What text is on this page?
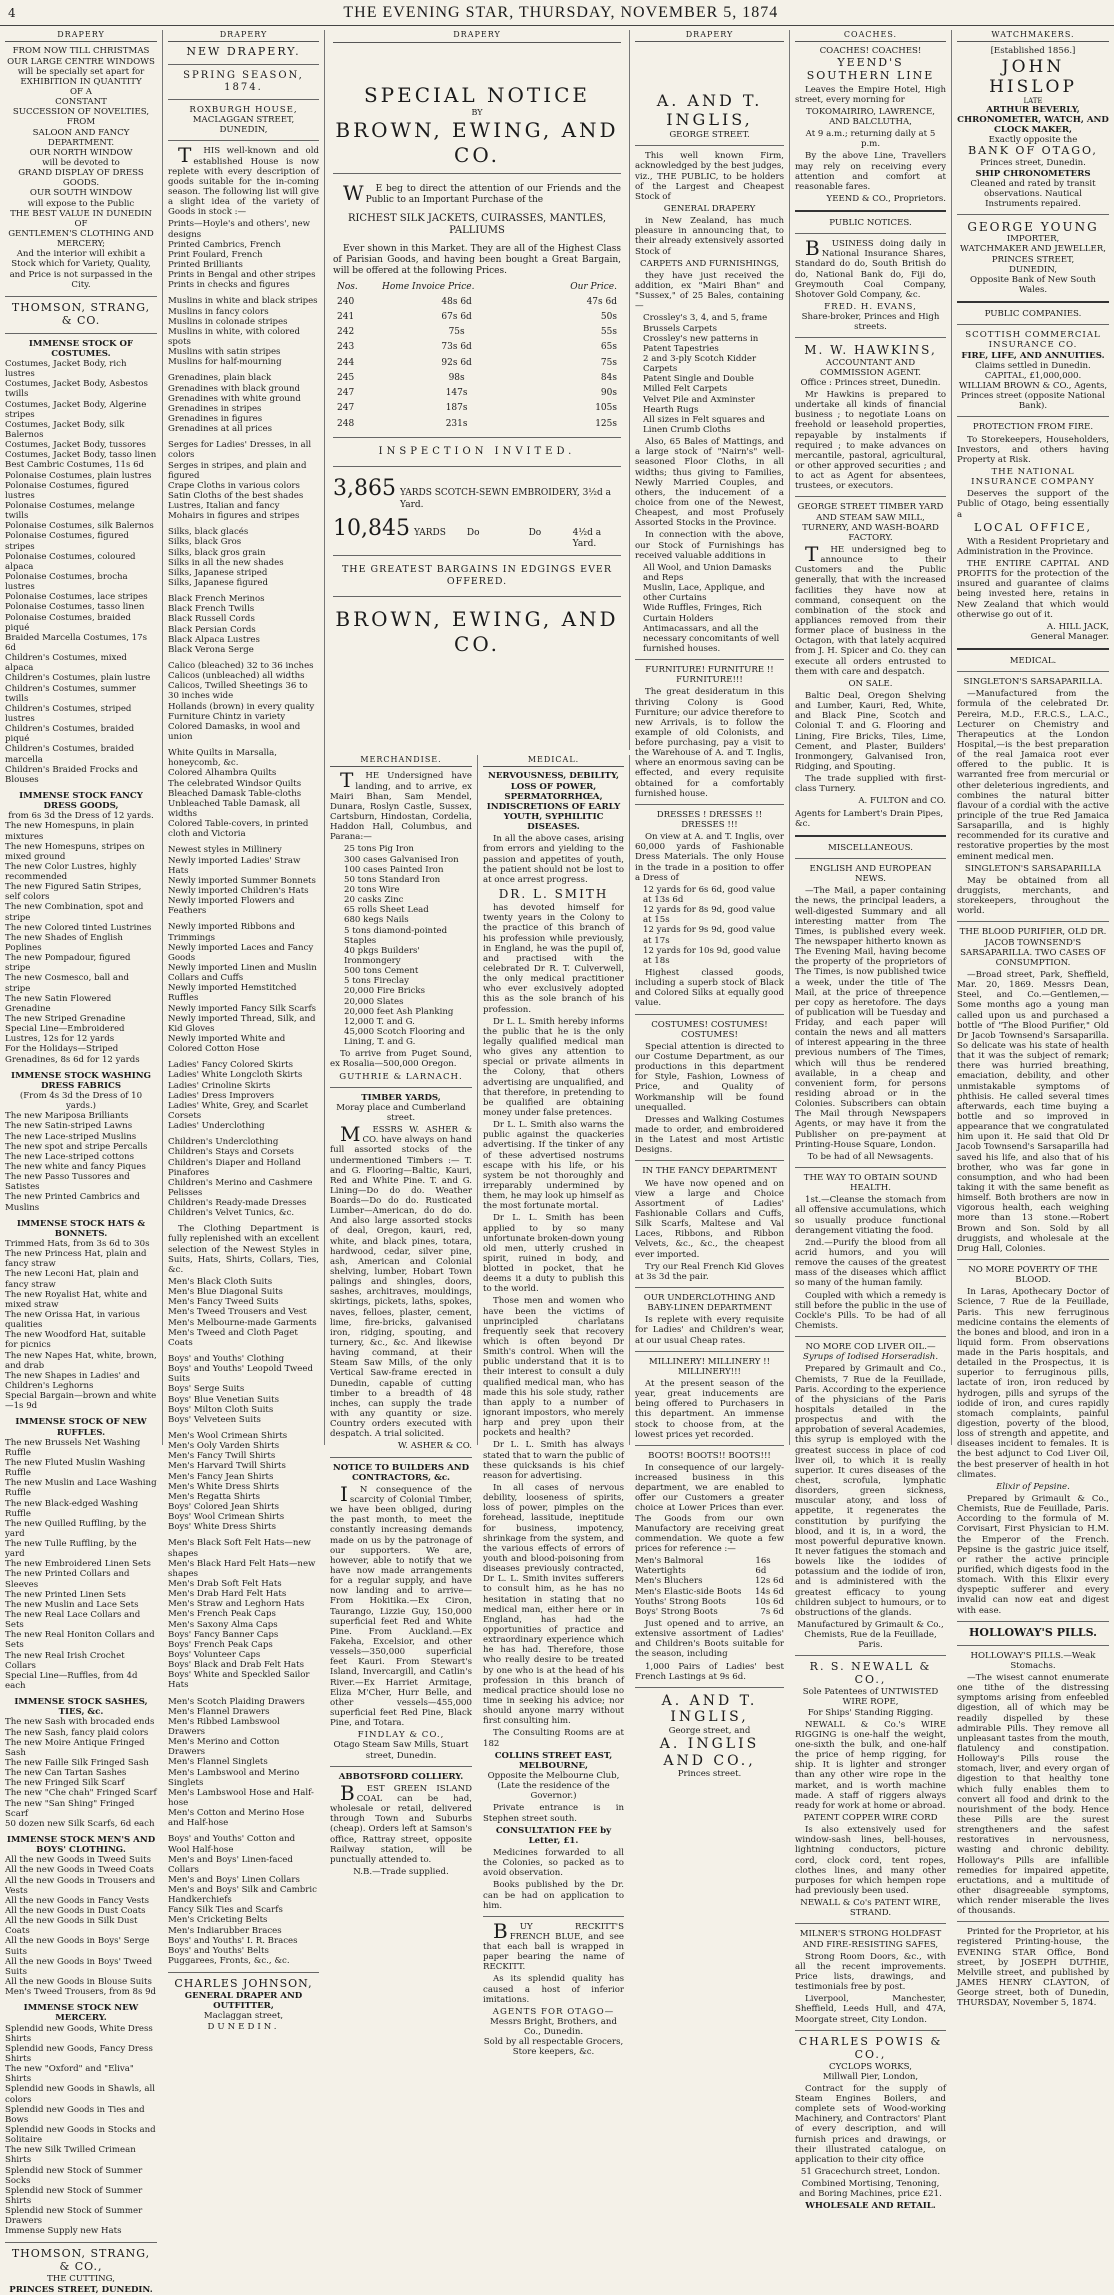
4	THE EVENING STAR, THURSDAY, NOVEMBER 5, 1874
DRAPERY
FROM NOW TILL CHRISTMAS
OUR LARGE CENTRE WINDOWS
will be specially set apart for
EXHIBITION IN QUANTITY
OF A
CONSTANT
SUCCESSION OF NOVELTIES,
FROM
SALOON AND FANCY DEPARTMENT.
OUR NORTH WINDOW
will be devoted to
GRAND DISPLAY OF DRESS GOODS.
OUR SOUTH WINDOW
will expose to the Public
THE BEST VALUE IN DUNEDIN
OF
GENTLEMEN'S CLOTHING AND MERCERY;
And the interior will exhibit a Stock which for Variety, Quality, and Price is not surpassed in the City.
THOMSON, STRANG, & CO.
IMMENSE STOCK OF COSTUMES.
Costumes, Jacket Body, rich lustres
Costumes, Jacket Body, Asbestos twills
Costumes, Jacket Body, Algerine stripes
Costumes, Jacket Body, silk Balernos
Costumes, Jacket Body, tussores
Costumes, Jacket Body, tasso linen
Best Cambric Costumes, 11s 6d
Polonaise Costumes, plain lustres
Polonaise Costumes, figured lustres
Polonaise Costumes, melange twills
Polonaise Costumes, silk Balernos
Polonaise Costumes, figured stripes
Polonaise Costumes, coloured alpaca
Polonaise Costumes, brocha lustres
Polonaise Costumes, lace stripes
Polonaise Costumes, tasso linen
Polonaise Costumes, braided piqué
Braided Marcella Costumes, 17s 6d
Children's Costumes, mixed alpaca
Children's Costumes, plain lustre
Children's Costumes, summer twills
Children's Costumes, striped lustres
Children's Costumes, braided piqué
Children's Costumes, braided marcella
Children's Braided Frocks and Blouses
IMMENSE STOCK FANCY DRESS GOODS,
from 6s 3d the Dress of 12 yards.
The new Homespuns, in plain mixtures
The new Homespuns, stripes on mixed ground
The new Color Lustres, highly recommended
The new Figured Satin Stripes, self colors
The new Combination, spot and stripe
The new Colored tinted Lustrines
The new Shades of English Poplines
The new Pompadour, figured stripe
The new Cosmesco, ball and stripe
The new Satin Flowered Grenadine
The new Striped Grenadine
Special Line—Embroidered Lustres, 12s for 12 yards
For the Holidays—Striped Grenadines, 8s 6d for 12 yards
IMMENSE STOCK WASHING DRESS FABRICS
(From 4s 3d the Dress of 10 yards.)
The new Mariposa Brilliants
The new Satin-striped Lawns
The new Lace-striped Muslins
The new spot and stripe Percalls
The new Lace-striped cottons
The new white and fancy Piques
The new Passo Tussores and Satistes
The new Printed Cambrics and Muslins
IMMENSE STOCK HATS & BONNETS.
Trimmed Hats, from 3s 6d to 30s
The new Princess Hat, plain and fancy straw
The new Leconi Hat, plain and fancy straw
The new Royalist Hat, white and mixed straw
The new Orissa Hat, in various qualities
The new Woodford Hat, suitable for picnics
The new Napes Hat, white, brown, and drab
The new Shapes in Ladies' and Children's Leghorns
Special Bargain—brown and white—1s 9d
IMMENSE STOCK OF NEW RUFFLES.
The new Brussels Net Washing Ruffle
The new Fluted Muslin Washing Ruffle
The new Muslin and Lace Washing Ruffle
The new Black-edged Washing Ruffle
The new Quilled Ruffling, by the yard
The new Tulle Ruffling, by the yard
The new Embroidered Linen Sets
The new Printed Collars and Sleeves
The new Printed Linen Sets
The new Muslin and Lace Sets
The new Real Lace Collars and Sets
The new Real Honiton Collars and Sets
The new Real Irish Crochet Collars
Special Line—Ruffles, from 4d each
IMMENSE STOCK SASHES, TIES, &c.
The new Sash with brocaded ends
The new Sash, fancy plaid colors
The new Moire Antique Fringed Sash
The new Faille Silk Fringed Sash
The new Can Tartan Sashes
The new Fringed Silk Scarf
The new "Che chah" Fringed Scarf
The new "San Shing" Fringed Scarf
50 dozen new Silk Scarfs, 6d each
IMMENSE STOCK MEN'S AND BOYS' CLOTHING.
All the new Goods in Tweed Suits
All the new Goods in Tweed Coats
All the new Goods in Trousers and Vests
All the new Goods in Fancy Vests
All the new Goods in Dust Coats
All the new Goods in Silk Dust Coats
All the new Goods in Boys' Serge Suits
All the new Goods in Boys' Tweed Suits
All the new Goods in Blouse Suits
Men's Tweed Trousers, from 8s 9d
IMMENSE STOCK NEW MERCERY.
Splendid new Goods, White Dress Shirts
Splendid new Goods, Fancy Dress Shirts
The new "Oxford" and "Eliva" Shirts
Splendid new Goods in Shawls, all colors
Splendid new Goods in Ties and Bows
Splendid new Goods in Stocks and Solitaire
The new Silk Twilled Crimean Shirts
Splendid new Stock of Summer Socks
Splendid new Stock of Summer Shirts
Splendid new Stock of Summer Drawers
Immense Supply new Hats
THOMSON, STRANG, & CO.,
THE CUTTING,
PRINCES STREET, DUNEDIN.
DRAPERY
NEW DRAPERY.
SPRING SEASON, 1874.
ROXBURGH HOUSE,
MACLAGGAN STREET, DUNEDIN,

THIS well-known and old established House is now replete with every description of goods suitable for the in-coming season. The following list will give a slight idea of the variety of Goods in stock :—

Prints—Hoyle's and others', new designs
Printed Cambrics, French
Print Foulard, French
Printed Brilliants
Prints in Bengal and other stripes
Prints in checks and figures
Muslins in white and black stripes
Muslins in fancy colors
Muslins in colonade stripes
Muslins in white, with colored spots
Muslins with satin stripes
Muslins for half-mourning
Grenadines, plain black
Grenadines with black ground
Grenadines with white ground
Grenadines in stripes
Grenadines in figures
Grenadines at all prices
Serges for Ladies' Dresses, in all colors
Serges in stripes, and plain and figured
Crape Cloths in various colors
Satin Cloths of the best shades
Lustres, Italian and fancy
Mohairs in figures and stripes
Silks, black glacés
Silks, black Gros
Silks, black gros grain
Silks in all the new shades
Silks, Japanese striped
Silks, Japanese figured
Black French Merinos
Black French Twills
Black Russell Cords
Black Persian Cords
Black Alpaca Lustres
Black Verona Serge
Calico (bleached) 32 to 36 inches
Calicos (unbleached) all widths
Calicos, Twilled Sheetings 36 to 30 inches wide
Hollands (brown) in every quality
Furniture Chintz in variety
Colored Damasks, in wool and union
White Quilts in Marsalla, honeycomb, &c.
Colored Alhambra Quilts
The celebrated Windsor Quilts
Bleached Damask Table-cloths
Unbleached Table Damask, all widths
Colored Table-covers, in printed cloth and Victoria
Newest styles in Millinery
Newly imported Ladies' Straw Hats
Newly imported Summer Bonnets
Newly imported Children's Hats
Newly imported Flowers and Feathers
Newly imported Ribbons and Trimmings
Newly imported Laces and Fancy Goods
Newly imported Linen and Muslin Collars and Cuffs
Newly imported Hemstitched Ruffles
Newly imported Fancy Silk Scarfs
Newly imported Thread, Silk, and Kid Gloves
Newly imported White and Colored Cotton Hose
Ladies' Fancy Colored Skirts
Ladies' White Longcloth Skirts
Ladies' Crinoline Skirts
Ladies' Dress Improvers
Ladies' White, Grey, and Scarlet Corsets
Ladies' Underclothing
Children's Underclothing
Children's Stays and Corsets
Children's Diaper and Holland Pinafores
Children's Merino and Cashmere Pelisses
Children's Ready-made Dresses
Children's Velvet Tunics, &c.

The Clothing Department is fully replenished with an excellent selection of the Newest Styles in Suits, Hats, Shirts, Collars, Ties, &c.

Men's Black Cloth Suits
Men's Blue Diagonal Suits
Men's Fancy Tweed Suits
Men's Tweed Trousers and Vest
Men's Melbourne-made Garments
Men's Tweed and Cloth Paget Coats
Boys' and Youths' Clothing
Boys' and Youths' Leopold Tweed Suits
Boys' Serge Suits
Boys' Blue Venetian Suits
Boys' Milton Cloth Suits
Boys' Velveteen Suits
Men's Wool Crimean Shirts
Men's Ooly Varden Shirts
Men's Fancy Twill Shirts
Men's Harvard Twill Shirts
Men's Fancy Jean Shirts
Men's White Dress Shirts
Men's Regatta Shirts
Boys' Colored Jean Shirts
Boys' Wool Crimean Shirts
Boys' White Dress Shirts
Men's Black Soft Felt Hats—new shapes
Men's Black Hard Felt Hats—new shapes
Men's Drab Soft Felt Hats
Men's Drab Hard Felt Hats
Men's Straw and Leghorn Hats
Men's French Peak Caps
Men's Saxony Alma Caps
Boys' Fancy Banner Caps
Boys' French Peak Caps
Boys' Volunteer Caps
Boys' Black and Drab Felt Hats
Boys' White and Speckled Sailor Hats
Men's Scotch Plaiding Drawers
Men's Flannel Drawers
Men's Ribbed Lambswool Drawers
Men's Merino and Cotton Drawers
Men's Flannel Singlets
Men's Lambswool and Merino Singlets
Men's Lambswool Hose and Half-hose
Men's Cotton and Merino Hose and Half-hose
Boys' and Youths' Cotton and Wool Half-hose
Men's and Boys' Linen-faced Collars
Men's and Boys' Linen Collars
Men's and Boys' Silk and Cambric Handkerchiefs
Fancy Silk Ties and Scarfs
Men's Cricketing Belts
Men's Indiarubber Braces
Boys' and Youths' I. R. Braces
Boys' and Youths' Belts
Puggarees, Fronts, &c., &c.
CHARLES JOHNSON,
GENERAL DRAPER AND OUTFITTER,
Maclaggan street,
DUNEDIN.
DRAPERY
SPECIAL NOTICE
BY
BROWN, EWING, AND CO.

WE beg to direct the attention of our Friends and the Public to an Important Purchase of the

RICHEST SILK JACKETS, CUIRASSES, MANTLES, PALLIUMS

Ever shown in this Market. They are all of the Highest Class of Parisian Goods, and having been bought a Great Bargain, will be offered at the following Prices.

Nos.	Home Invoice Price.	Our Price.
240	48s 6d	47s 6d
241	67s 6d	50s
242	75s	55s
243	73s 6d	65s
244	92s 6d	75s
245	98s	84s
247	147s	90s
247	187s	105s
248	231s	125s
INSPECTION INVITED.
3,865 YARDS SCOTCH-SEWN EMBROIDERY, 3½d a Yard.
10,845 YARDS	Do	Do	4½d a Yard.
THE GREATEST BARGAINS IN EDGINGS EVER OFFERED.
BROWN, EWING, AND CO.
MERCHANDISE.

THE Undersigned have landing, and to arrive, ex Mairi Bhan, Sam Mendel, Dunara, Roslyn Castle, Sussex, Cartsburn, Hindostan, Cordelia, Haddon Hall, Columbus, and Parana:—

25 tons Pig Iron
300 cases Galvanised Iron
100 cases Painted Iron
50 tons Standard Iron
20 tons Wire
20 casks Zinc
65 rolls Sheet Lead
680 kegs Nails
5 tons diamond-pointed Staples
40 pkgs Builders' Ironmongery
500 tons Cement
5 tons Fireclay
20,000 Fire Bricks
20,000 Slates
20,000 feet Ash Planking
12,000 T. and G.
45,000 Scotch Flooring and Lining, T. and G.

To arrive from Puget Sound, ex Rosalia—500,000 Oregon.

GUTHRIE & LARNACH.
TIMBER YARDS,
Moray place and Cumberland street.

MESSRS W. ASHER & CO. have always on hand full assorted stocks of the undermentioned Timbers :— T. and G. Flooring—Baltic, Kauri, Red and White Pine. T. and G. Lining—Do do do. Weather Boards—Do do do. Rusticated Lumber—American, do do do. And also large assorted stocks of deal, Oregon, kauri, red, white, and black pines, totara, hardwood, cedar, silver pine, ash, American and Colonial shelving, lumber, Hobart Town palings and shingles, doors, sashes, architraves, mouldings, skirtings, pickets, laths, spokes, naves, felloes, plaster, cement, lime, fire-bricks, galvanised iron, ridging, spouting, and turnery, &c., &c. And likewise having command, at their Steam Saw Mills, of the only Vertical Saw-frame erected in Dunedin, capable of cutting timber to a breadth of 48 inches, can supply the trade with any quantity or size. Country orders executed with despatch. A trial solicited.

W. ASHER & CO.
NOTICE TO BUILDERS AND CONTRACTORS, &c.

IN consequence of the scarcity of Colonial Timber, we have been obliged, during the past month, to meet the constantly increasing demands made on us by the patronage of our supporters. We are, however, able to notify that we have now made arrangements for a regular supply, and have now landing and to arrive— From Hokitika.—Ex Ciron, Taurango, Lizzie Guy, 150,000 superficial feet Red and White Pine. From Auckland.—Ex Fakeha, Excelsior, and other vessels—350,000 superficial feet Kauri. From Stewart's Island, Invercargill, and Catlin's River.—Ex Harriet Armitage, Eliza M'Cher, Hurr Belle, and other vessels—455,000 superficial feet Red Pine, Black Pine, and Totara.

FINDLAY & CO.,
Otago Steam Saw Mills, Stuart street, Dunedin.
ABBOTSFORD COLLIERY.

BEST GREEN ISLAND COAL can be had, wholesale or retail, delivered through Town and Suburbs (cheap). Orders left at Samson's office, Rattray street, opposite Railway station, will be punctually attended to.

N.B.—Trade supplied.
MEDICAL.
NERVOUSNESS, DEBILITY, LOSS OF POWER, SPERMATORRHŒA, INDISCRETIONS OF EARLY YOUTH, SYPHILITIC DISEASES.

In all the above cases, arising from errors and yielding to the passion and appetites of youth, the patient should not be lost to at once arrest progress.

DR. L. SMITH

has devoted himself for twenty years in the Colony to the practice of this branch of his profession while previously, in England, he was the pupil of, and practised with the celebrated Dr R. T. Culverwell, the only medical practitioner who ever exclusively adopted this as the sole branch of his profession.

Dr L. L. Smith hereby informs the public that he is the only legally qualified medical man who gives any attention to special or private ailments in the Colony, that others advertising are unqualified, and that therefore, in pretending to be qualified are obtaining money under false pretences.

Dr L. L. Smith also warns the public against the quackeries advertising. If the tinker of any of these advertised nostrums escape with his life, or his system be not thoroughly and irreparably undermined by them, he may look up himself as the most fortunate mortal.

Dr L. L. Smith has been applied to by so many unfortunate broken-down young old men, utterly crushed in spirit, ruined in body, and blotted in pocket, that he deems it a duty to publish this to the world.

Those men and women who have been the victims of unprincipled charlatans frequently seek that recovery which is often beyond Dr Smith's control. When will the public understand that it is to their interest to consult a duly qualified medical man, who has made this his sole study, rather than apply to a number of ignorant impostors, who merely harp and prey upon their pockets and health?

Dr L. L. Smith has always stated that to warn the public of these quicksands is his chief reason for advertising.

In all cases of nervous debility, looseness of spirits, loss of power, pimples on the forehead, lassitude, ineptitude for business, impotency, shrinkage from the system, and the various effects of errors of youth and blood-poisoning from diseases previously contracted, Dr L. L. Smith invites sufferers to consult him, as he has no hesitation in stating that no medical man, either here or in England, has had the opportunities of practice and extraordinary experience which he has had. Therefore, those who really desire to be treated by one who is at the head of his profession in this branch of medical practice should lose no time in seeking his advice; nor should anyone marry without first consulting him.

The Consulting Rooms are at 182

COLLINS STREET EAST, MELBOURNE,
Opposite the Melbourne Club, (Late the residence of the Governor.)

Private entrance is in Stephen street south.

CONSULTATION FEE by Letter, £1.

Medicines forwarded to all the Colonies, so packed as to avoid observation.

Books published by the Dr. can be had on application to him.

BUY RECKITT'S FRENCH BLUE, and see that each ball is wrapped in paper bearing the name of RECKITT.

As its splendid quality has caused a host of inferior imitations.

AGENTS FOR OTAGO—
Messrs Bright, Brothers, and Co., Dunedin.
Sold by all respectable Grocers, Store keepers, &c.
DRAPERY
A. AND T. INGLIS,
GEORGE STREET.

This well known Firm, acknowledged by the best judges, viz., THE PUBLIC, to be holders of the Largest and Cheapest Stock of

GENERAL DRAPERY

in New Zealand, has much pleasure in announcing that, to their already extensively assorted Stock of

CARPETS AND FURNISHINGS,

they have just received the addition, ex "Mairi Bhan" and "Sussex," of 25 Bales, containing—

Crossley's 3, 4, and 5, frame Brussels Carpets
Crossley's new patterns in Patent Tapestries
2 and 3-ply Scotch Kidder Carpets
Patent Single and Double Milled Felt Carpets
Velvet Pile and Axminster Hearth Rugs
All sizes in Felt squares and Linen Crumb Cloths

Also, 65 Bales of Mattings, and a large stock of "Nairn's" well-seasoned Floor Cloths, in all widths; thus giving to Families, Newly Married Couples, and others, the inducement of a choice from one of the Newest, Cheapest, and most Profusely Assorted Stocks in the Province.

In connection with the above, our Stock of Furnishings has received valuable additions in

All Wool, and Union Damasks and Reps
Muslin, Lace, Applique, and other Curtains
Wide Ruffles, Fringes, Rich Curtain Holders
Antimacassars, and all the necessary concomitants of well furnished houses.
FURNITURE! FURNITURE !! FURNITURE!!!

The great desideratum in this thriving Colony is Good Furniture; our advice therefore to new Arrivals, is to follow the example of old Colonists, and before purchasing, pay a visit to the Warehouse of A. and T. Inglis, where an enormous saving can be effected, and every requisite obtained for a comfortably furnished house.

DRESSES ! DRESSES !! DRESSES !!!

On view at A. and T. Inglis, over 60,000 yards of Fashionable Dress Materials. The only House in the trade in a position to offer a Dress of

12 yards for 6s 6d, good value at 13s 6d
12 yards for 8s 9d, good value at 15s
12 yards for 9s 9d, good value at 17s
12 yards for 10s 9d, good value at 18s

Highest classed goods, including a superb stock of Black and Colored Silks at equally good value.

COSTUMES! COSTUMES! COSTUMES!

Special attention is directed to our Costume Department, as our productions in this department for Style, Fashion, Lowness of Price, and Quality of Workmanship will be found unequalled.

Dresses and Walking Costumes made to order, and embroidered in the Latest and most Artistic Designs.

IN THE FANCY DEPARTMENT

We have now opened and on view a large and Choice Assortment of Ladies' Fashionable Collars and Cuffs, Silk Scarfs, Maltese and Val Laces, Ribbons, and Ribbon Velvets, &c., &c., the cheapest ever imported.

Try our Real French Kid Gloves at 3s 3d the pair.

OUR UNDERCLOTHING AND BABY-LINEN DEPARTMENT

Is replete with every requisite for Ladies' and Children's wear, at our usual Cheap rates.

MILLINERY! MILLINERY !! MILLINERY!!!

At the present season of the year, great inducements are being offered to Purchasers in this department. An immense stock to choose from, at the lowest prices yet recorded.

BOOTS! BOOTS!! BOOTS!!!

In consequence of our largely-increased business in this department, we are enabled to offer our Customers a greater choice at Lower Prices than ever. The Goods from our own Manufactory are receiving great commendation. We quote a few prices for reference :—

Men's Balmoral Watertights
16s 6d
Men's Bluchers	12s 6d
Men's Elastic-side Boots 14s 6d
Youths' Strong Boots	10s 6d
Boys' Strong Boots	7s 6d

Just opened and to arrive, an extensive assortment of Ladies' and Children's Boots suitable for the season, including

1,000 Pairs of Ladies' best French Lastings at 9s 6d.

A. AND T. INGLIS,
George street, and
A. INGLIS AND CO.,
Princes street.
COACHES.
COACHES! COACHES!
YEEND'S SOUTHERN LINE

Leaves the Empire Hotel, High street, every morning for

TOKOMAIRIRO, LAWRENCE, AND BALCLUTHA,

At 9 a.m.; returning daily at 5 p.m.

By the above Line, Travellers may rely on receiving every attention and comfort at reasonable fares.

YEEND & CO., Proprietors.
PUBLIC NOTICES.

BUSINESS doing daily in National Insurance Shares, Standard do do, South British do do, National Bank do, Fiji do, Greymouth Coal Company, Shotover Gold Company, &c.

FRED. H. EVANS,
Share-broker, Princes and High streets.
M. W. HAWKINS,
ACCOUNTANT AND COMMISSION AGENT.
Office : Princes street, Dunedin.

Mr Hawkins is prepared to undertake all kinds of financial business ; to negotiate Loans on freehold or leasehold properties, repayable by instalments if required ; to make advances on mercantile, pastoral, agricultural, or other approved securities ; and to act as Agent for absentees, trustees, or executors.

GEORGE STREET TIMBER YARD AND STEAM SAW MILL, TURNERY, AND WASH-BOARD FACTORY.

THE undersigned beg to announce to their Customers and the Public generally, that with the increased facilities they have now at command, consequent on the combination of the stock and appliances removed from their former place of business in the Octagon, with that lately acquired from J. H. Spicer and Co. they can execute all orders entrusted to them with care and despatch.

ON SALE.

Baltic Deal, Oregon Shelving and Lumber, Kauri, Red, White, and Black Pine, Scotch and Colonial T. and G. Flooring and Lining, Fire Bricks, Tiles, Lime, Cement, and Plaster, Builders' Ironmongery, Galvanised Iron, Ridging, and Spouting.

The trade supplied with first-class Turnery.

A. FULTON and CO.

Agents for Lambert's Drain Pipes, &c.

MISCELLANEOUS.
ENGLISH AND EUROPEAN NEWS.

—The Mail, a paper containing the news, the principal leaders, a well-digested Summary and all interesting matter from The Times, is published every week. The newspaper hitherto known as The Evening Mail, having become the property of the proprietors of The Times, is now published twice a week, under the title of The Mail, at the price of threepence per copy as heretofore. The days of publication will be Tuesday and Friday, and each paper will contain the news and all matters of interest appearing in the three previous numbers of The Times, which will thus be rendered available, in a cheap and convenient form, for persons residing abroad or in the Colonies. Subscribers can obtain The Mail through Newspapers Agents, or may have it from the Publisher on pre-payment at Printing-House Square, London.

To be had of all Newsagents.

THE WAY TO OBTAIN SOUND HEALTH.

1st.—Cleanse the stomach from all offensive accumulations, which so usually produce functional derangement vitiating the food.

2nd.—Purify the blood from all acrid humors, and you will remove the causes of the greatest mass of the diseases which afflict so many of the human family.

Coupled with which a remedy is still before the public in the use of Cockle's Pills. To be had of all Chemists.

NO MORE COD LIVER OIL.—
Syrups of Iodised Horseradish.

Prepared by Grimault and Co., Chemists, 7 Rue de la Feuillade, Paris. According to the experience of the physicians of the Paris hospitals detailed in the prospectus and with the approbation of several Academies, this syrup is employed with the greatest success in place of cod liver oil, to which it is really superior. It cures diseases of the chest, scrofula, lymphatic disorders, green sickness, muscular atony, and loss of appetite, it regenerates the constitution by purifying the blood, and it is, in a word, the most powerful depurative known. It never fatigues the stomach and bowels like the iodides of potassium and the iodide of iron, and is administered with the greatest efficacy to young children subject to humours, or to obstructions of the glands.

Manufactured by Grimault & Co., Chemists, Rue de la Feuillade, Paris.

R. S. NEWALL & CO.,
Sole Patentees of UNTWISTED WIRE ROPE,
For Ships' Standing Rigging.

NEWALL & Co.'s WIRE RIGGING is one-half the weight, one-sixth the bulk, and one-half the price of hemp rigging, for ship. It is lighter and stronger than any other wire rope in the market, and is worth machine made. A staff of riggers always ready for work at home or abroad.

PATENT COPPER WIRE CORD

Is also extensively used for window-sash lines, bell-houses, lightning conductors, picture cord, clock cord, tent ropes, clothes lines, and many other purposes for which hempen rope had previously been used.

NEWALL & Co's PATENT WIRE, STRAND.
MILNER'S STRONG HOLDFAST AND FIRE-RESISTING SAFES,

Strong Room Doors, &c., with all the recent improvements. Price lists, drawings, and testimonials free by post.

Liverpool, Manchester, Sheffield, Leeds Hull, and 47A, Moorgate street, City London.

CHARLES POWIS & CO.,
CYCLOPS WORKS,
Millwall Pier, London,

Contract for the supply of Steam Engines Boilers, and complete sets of Wood-working Machinery, and Contractors' Plant of every description, and will furnish prices and drawings, or their illustrated catalogue, on application to their city office

51 Gracechurch street, London.

Combined Mortising, Tenoning, and Boring Machines, price £21.

WHOLESALE AND RETAIL.

WATCHMAKERS.
[Established 1856.]
JOHN HISLOP
LATE
ARTHUR BEVERLY,
CHRONOMETER, WATCH, AND CLOCK MAKER,
Exactly opposite the
BANK OF OTAGO,
Princes street, Dunedin.
SHIP CHRONOMETERS
Cleaned and rated by transit observations. Nautical Instruments repaired.
GEORGE YOUNG
IMPORTER,
WATCHMAKER AND JEWELLER,
PRINCES STREET,
DUNEDIN,
Opposite Bank of New South Wales.
PUBLIC COMPANIES.
SCOTTISH COMMERCIAL INSURANCE CO.
FIRE, LIFE, AND ANNUITIES.
Claims settled in Dunedin.
CAPITAL, £1,000,000.
WILLIAM BROWN & CO., Agents,
Princes street (opposite National Bank).
PROTECTION FROM FIRE.

To Storekeepers, Householders, Investors, and others having Property at Risk.

THE NATIONAL INSURANCE COMPANY

Deserves the support of the Public of Otago, being essentially a

LOCAL OFFICE,

With a Resident Proprietary and Administration in the Province.

THE ENTIRE CAPITAL AND PROFITS for the protection of the insured and guarantee of claims being invested here, retains in New Zealand that which would otherwise go out of it.

A. HILL JACK,
General Manager.
MEDICAL.
SINGLETON'S SARSAPARILLA.

—Manufactured from the formula of the celebrated Dr. Pereira, M.D., F.R.C.S., L.A.C., Lecturer on Chemistry and Therapeutics at the London Hospital,—is the best preparation of the real Jamaica root ever offered to the public. It is warranted free from mercurial or other deleterious ingredients, and combines the natural bitter flavour of a cordial with the active principle of the true Red Jamaica Sarsaparilla, and is highly recommended for its curative and restorative properties by the most eminent medical men.

SINGLETON'S SARSAPARILLA

May be obtained from all druggists, merchants, and storekeepers, throughout the world.

THE BLOOD PURIFIER, OLD DR. JACOB TOWNSEND'S SARSAPARILLA. TWO CASES OF CONSUMPTION.

—Broad street, Park, Sheffield, Mar. 20, 1869. Messrs Dean, Steel, and Co.—Gentlemen,—Some months ago a young man called upon us and purchased a bottle of "The Blood Purifier," Old Dr Jacob Townsend's Sarsaparilla. So delicate was his state of health that it was the subject of remark; there was hurried breathing, emaciation, debility, and other unmistakable symptoms of phthisis. He called several times afterwards, each time buying a bottle and so improved in appearance that we congratulated him upon it. He said that Old Dr Jacob Townsend's Sarsaparilla had saved his life, and also that of his brother, who was far gone in consumption, and who had been taking it with the same benefit as himself. Both brothers are now in vigorous health, each weighing more than 13 stone.—Robert Brown and Son. Sold by all druggists, and wholesale at the Drug Hall, Colonies.

NO MORE POVERTY OF THE BLOOD.

In Laras, Apothecary Doctor of Science, 7 Rue de la Feuillade, Paris. This new ferruginous medicine contains the elements of the bones and blood, and iron in a liquid form. From observations made in the Paris hospitals, and detailed in the Prospectus, it is superior to ferruginous pills, lactate of iron, iron reduced by hydrogen, pills and syrups of the iodide of iron, and cures rapidly stomach complaints, painful digestion, poverty of the blood, loss of strength and appetite, and diseases incident to females. It is the best adjunct to Cod Liver Oil, the best preserver of health in hot climates.

Elixir of Pepsine.

Prepared by Grimault & Co., Chemists, Rue de Feuillade, Paris. According to the formula of M. Corvisart, First Physician to H.M. the Emperor of the French. Pepsine is the gastric juice itself, or rather the active principle purified, which digests food in the stomach. With this Elixir every dyspeptic sufferer and every invalid can now eat and digest with ease.

HOLLOWAY'S PILLS.
HOLLOWAY'S PILLS.—Weak Stomachs.

—The wisest cannot enumerate one tithe of the distressing symptoms arising from enfeebled digestion, all of which may be readily dispelled by these admirable Pills. They remove all unpleasant tastes from the mouth, flatulency and constipation. Holloway's Pills rouse the stomach, liver, and every organ of digestion to that healthy tone which fully enables them to convert all food and drink to the nourishment of the body. Hence these Pills are the surest strengtheners and the safest restoratives in nervousness, wasting and chronic debility. Holloway's Pills are infallible remedies for impaired appetite, eructations, and a multitude of other disagreeable symptoms, which render miserable the lives of thousands.

Printed for the Proprietor, at his registered Printing-house, the EVENING STAR Office, Bond street, by JOSEPH DUTHIE, Melville street, and published by JAMES HENRY CLAYTON, of George street, both of Dunedin, THURSDAY, November 5, 1874.
